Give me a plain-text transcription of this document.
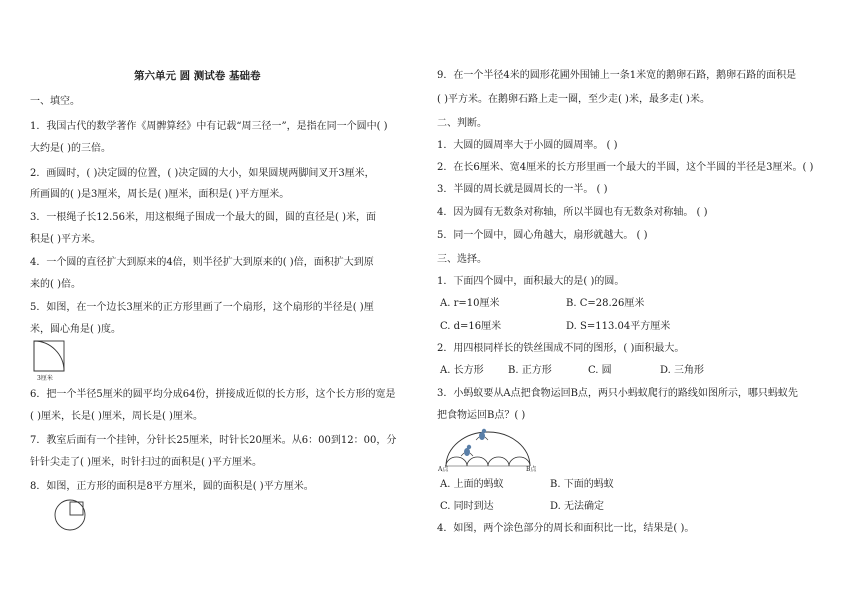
第六单元 圆 测试卷 基础卷
一、填空。
1．我国古代的数学著作《周髀算经》中有记载“周三径一”，是指在同一个圆中( )
大约是( )的三倍。
2．画圆时，( )决定圆的位置，( )决定圆的大小，如果圆规两脚间叉开3厘米，
所画圆的( )是3厘米，周长是( )厘米，面积是( )平方厘米。
3．一根绳子长12.56米，用这根绳子围成一个最大的圆，圆的直径是( )米，面
积是( )平方米。
4．一个圆的直径扩大到原来的4倍，则半径扩大到原来的( )倍，面积扩大到原
来的( )倍。
5．如图，在一个边长3厘米的正方形里画了一个扇形，这个扇形的半径是( )厘
米，圆心角是( )度。
3厘米
6．把一个半径5厘米的圆平均分成64份，拼接成近似的长方形，这个长方形的宽是
( )厘米，长是( )厘米，周长是( )厘米。
7．教室后面有一个挂钟，分针长25厘米，时针长20厘米。从6：00到12：00，分
针针尖走了( )厘米，时针扫过的面积是( )平方厘米。
8．如图，正方形的面积是8平方厘米，圆的面积是( )平方厘米。
9．在一个半径4米的圆形花圃外围铺上一条1米宽的鹅卵石路，鹅卵石路的面积是
( )平方米。在鹅卵石路上走一圈，至少走( )米，最多走( )米。
二、判断。
1．大圆的圆周率大于小圆的圆周率。 ( )
2．在长6厘米、宽4厘米的长方形里画一个最大的半圆，这个半圆的半径是3厘米。( )
3．半圆的周长就是圆周长的一半。 ( )
4．因为圆有无数条对称轴，所以半圆也有无数条对称轴。 ( )
5．同一个圆中，圆心角越大，扇形就越大。 ( )
三、选择。
1．下面四个圆中，面积最大的是( )的圆。
A. r=10厘米	B. C=28.26厘米
C. d=16厘米	D. S=113.04平方厘米
2．用四根同样长的铁丝围成不同的图形，( )面积最大。
A. 长方形 B. 正方形	C. 圆	D. 三角形
3．小蚂蚁要从A点把食物运回B点，两只小蚂蚁爬行的路线如图所示，哪只蚂蚁先
把食物运回B点？( )
A点	B点
A. 上面的蚂蚁	B. 下面的蚂蚁
C. 同时到达	D. 无法确定
4．如图，两个涂色部分的周长和面积比一比，结果是( )。
